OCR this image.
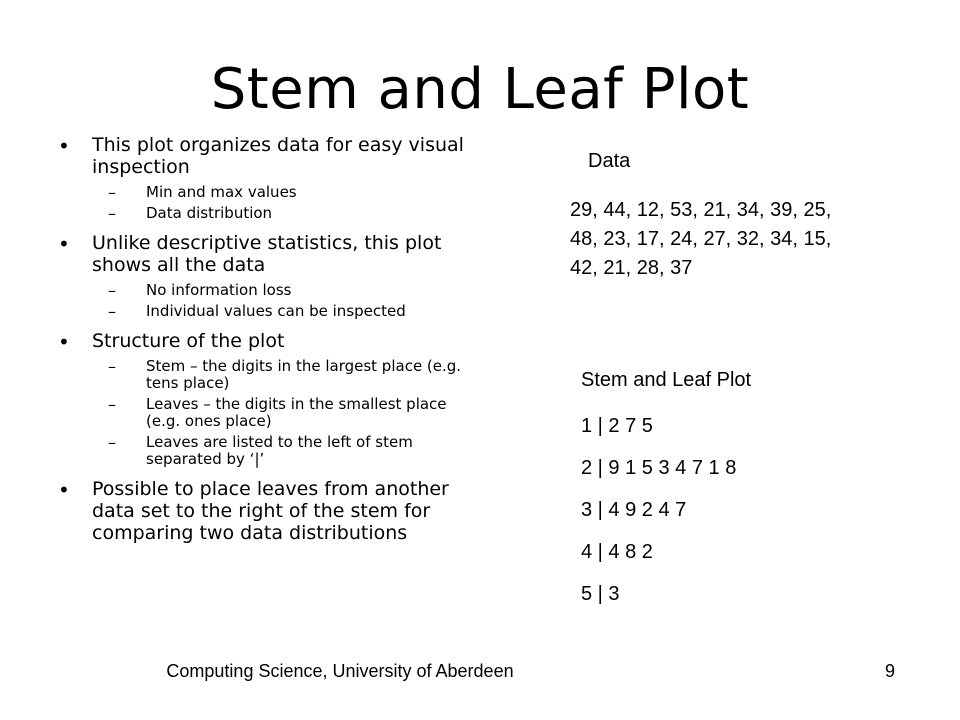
Stem and Leaf Plot
• This plot organizes data for easy visual inspection
– Min and max values
– Data distribution
• Unlike descriptive statistics, this plot shows all the data
– No information loss
– Individual values can be inspected
• Structure of the plot
– Stem – the digits in the largest place (e.g. tens place)
– Leaves – the digits in the smallest place (e.g. ones place)
– Leaves are listed to the left of stem separated by ‘|’
• Possible to place leaves from another data set to the right of the stem for comparing two data distributions
Data
29, 44, 12, 53, 21, 34, 39, 25,
48, 23, 17, 24, 27, 32, 34, 15,
42, 21, 28, 37
Stem and Leaf Plot
1 | 2 7 5
2 | 9 1 5 3 4 7 1 8
3 | 4 9 2 4 7
4 | 4 8 2
5 | 3
Computing Science, University of Aberdeen	9
